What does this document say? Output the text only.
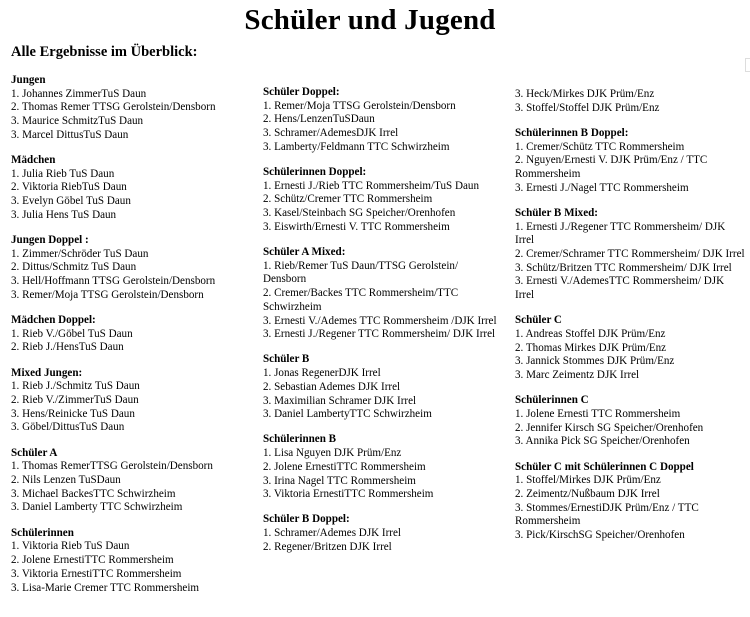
Schüler und Jugend
Alle Ergebnisse im Überblick:
Jungen
1. Johannes ZimmerTuS Daun
2. Thomas Remer TTSG Gerolstein/Densborn
3. Maurice SchmitzTuS Daun
3. Marcel DittusTuS Daun
Mädchen
1. Julia Rieb TuS Daun
2. Viktoria RiebTuS Daun
3. Evelyn Göbel TuS Daun
3. Julia Hens TuS Daun
Jungen Doppel :
1. Zimmer/Schröder TuS Daun
2. Dittus/Schmitz TuS Daun
3. Hell/Hoffmann TTSG Gerolstein/Densborn
3. Remer/Moja TTSG Gerolstein/Densborn
Mädchen Doppel:
1. Rieb V./Göbel TuS Daun
2. Rieb J./HensTuS Daun
Mixed Jungen:
1. Rieb J./Schmitz TuS Daun
2. Rieb V./ZimmerTuS Daun
3. Hens/Reinicke TuS Daun
3. Göbel/DittusTuS Daun
Schüler A
1. Thomas RemerTTSG Gerolstein/Densborn
2. Nils Lenzen TuSDaun
3. Michael BackesTTC Schwirzheim
3. Daniel Lamberty TTC Schwirzheim
Schülerinnen
1. Viktoria Rieb TuS Daun
2. Jolene ErnestiTTC Rommersheim
3. Viktoria ErnestiTTC Rommersheim
3. Lisa-Marie Cremer TTC Rommersheim
Schüler Doppel:
1. Remer/Moja TTSG Gerolstein/Densborn
2. Hens/LenzenTuSDaun
3. Schramer/AdemesDJK Irrel
3. Lamberty/Feldmann TTC Schwirzheim
Schülerinnen Doppel:
1. Ernesti J./Rieb TTC Rommersheim/TuS Daun
2. Schütz/Cremer TTC Rommersheim
3. Kasel/Steinbach SG Speicher/Orenhofen
3. Eiswirth/Ernesti V. TTC Rommersheim
Schüler A Mixed:
1. Rieb/Remer TuS Daun/TTSG Gerolstein/ Densborn
2. Cremer/Backes TTC Rommersheim/TTC Schwirzheim
3. Ernesti V./Ademes TTC Rommersheim /DJK Irrel
3. Ernesti J./Regener TTC Rommersheim/ DJK Irrel
Schüler B
1. Jonas RegenerDJK Irrel
2. Sebastian Ademes DJK Irrel
3. Maximilian Schramer DJK Irrel
3. Daniel LambertyTTC Schwirzheim
Schülerinnen B
1. Lisa Nguyen DJK Prüm/Enz
2. Jolene ErnestiTTC Rommersheim
3. Irina Nagel TTC Rommersheim
3. Viktoria ErnestiTTC Rommersheim
Schüler B Doppel:
1. Schramer/Ademes DJK Irrel
2. Regener/Britzen DJK Irrel
3. Heck/Mirkes DJK Prüm/Enz
3. Stoffel/Stoffel DJK Prüm/Enz
Schülerinnen B Doppel:
1. Cremer/Schütz TTC Rommersheim
2. Nguyen/Ernesti V. DJK Prüm/Enz / TTC Rommersheim
3. Ernesti J./Nagel TTC Rommersheim
Schüler B Mixed:
1. Ernesti J./Regener TTC Rommersheim/ DJK Irrel
2. Cremer/Schramer TTC Rommersheim/ DJK Irrel
3. Schütz/Britzen TTC Rommersheim/ DJK Irrel
3. Ernesti V./AdemesTTC Rommersheim/ DJK Irrel
Schüler C
1. Andreas Stoffel DJK Prüm/Enz
2. Thomas Mirkes DJK Prüm/Enz
3. Jannick Stommes DJK Prüm/Enz
3. Marc Zeimentz DJK Irrel
Schülerinnen C
1. Jolene Ernesti TTC Rommersheim
2. Jennifer Kirsch SG Speicher/Orenhofen
3. Annika Pick SG Speicher/Orenhofen
Schüler C mit Schülerinnen C Doppel
1. Stoffel/Mirkes DJK Prüm/Enz
2. Zeimentz/Nußbaum DJK Irrel
3. Stommes/ErnestiDJK Prüm/Enz / TTC Rommersheim
3. Pick/KirschSG Speicher/Orenhofen
